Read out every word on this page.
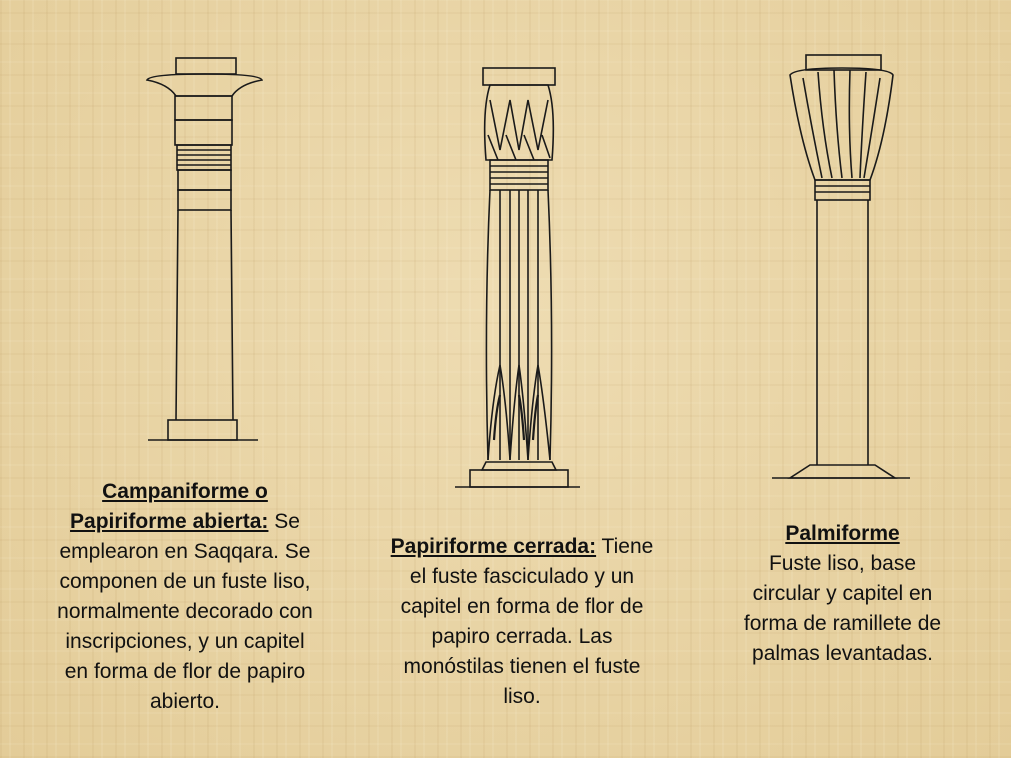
Campaniforme o
Papiriforme abierta: Se
emplearon en Saqqara. Se
componen de un fuste liso,
normalmente decorado con
inscripciones, y un capitel
en forma de flor de papiro
abierto.
Papiriforme cerrada: Tiene
el fuste fasciculado y un
capitel en forma de flor de
papiro cerrada. Las
monóstilas tienen el fuste
liso.
Palmiforme
Fuste liso, base
circular y capitel en
forma de ramillete de
palmas levantadas.
